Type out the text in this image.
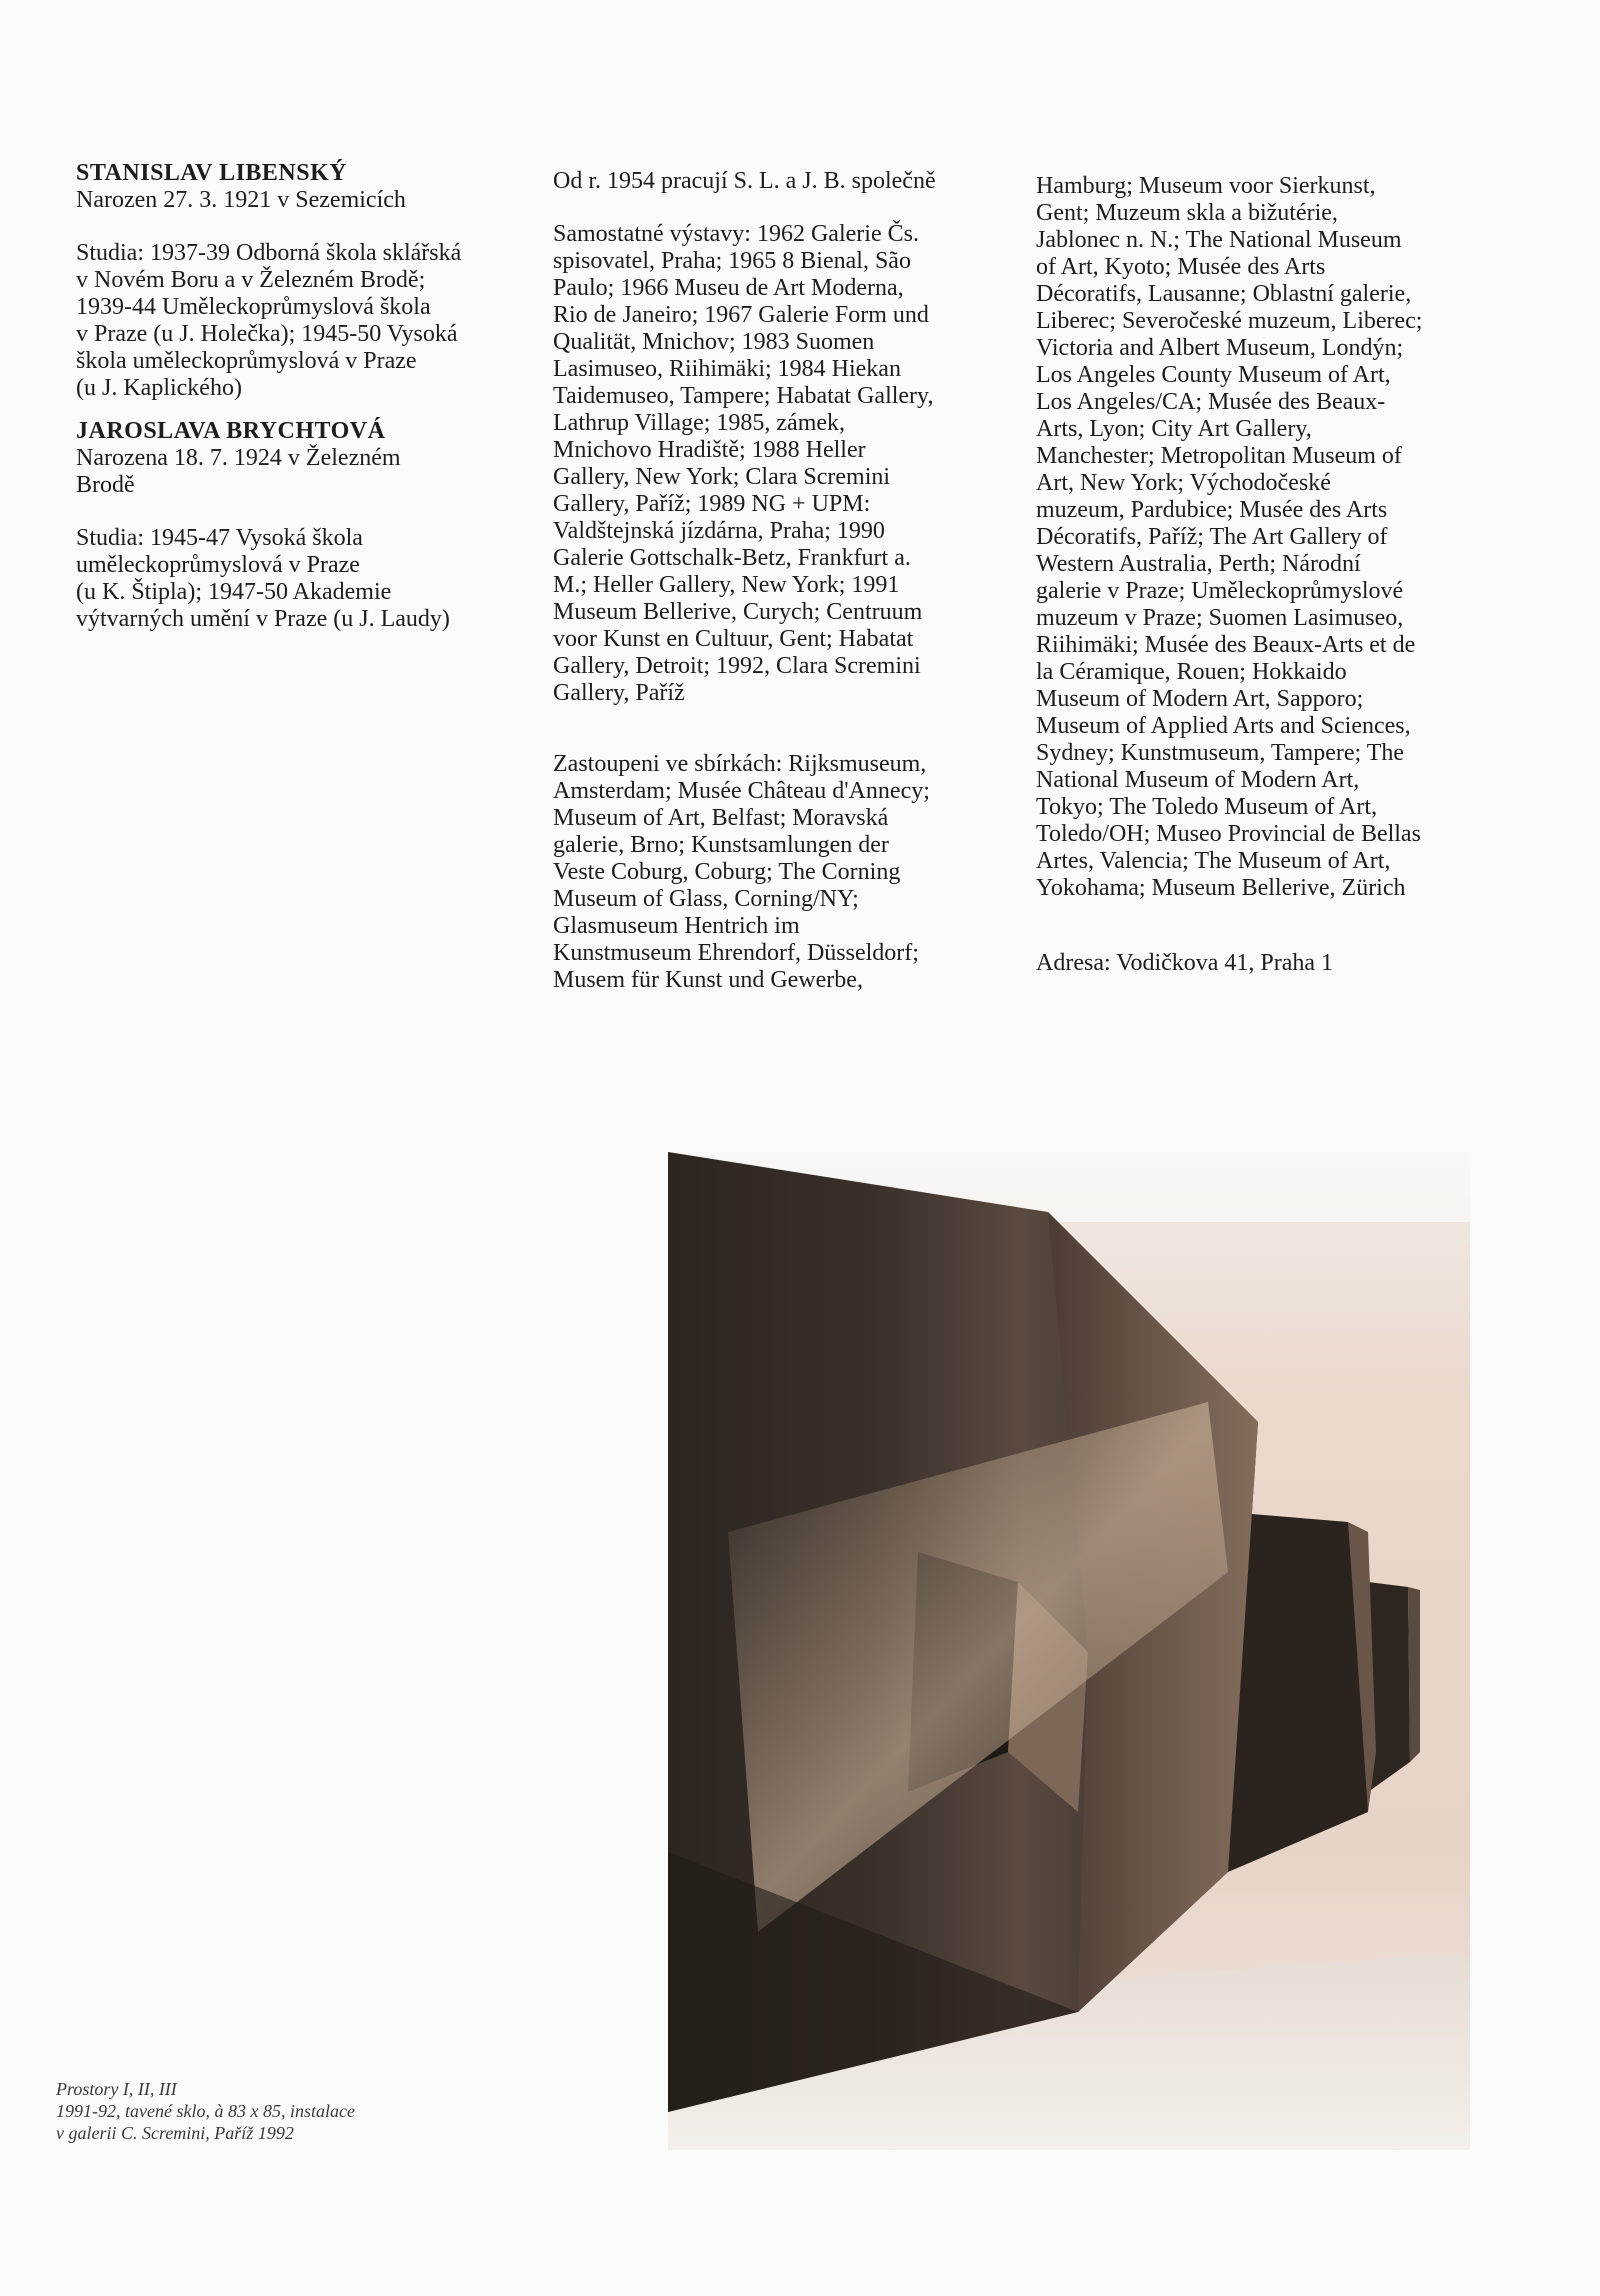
STANISLAV LIBENSKÝ

Narozen 27. 3. 1921 v Sezemicích
Studia: 1937-39 Odborná škola sklářská
v Novém Boru a v Železném Brodě;
1939-44 Uměleckoprůmyslová škola
v Praze (u J. Holečka); 1945-50 Vysoká
škola uměleckoprůmyslová v Praze
(u J. Kaplického)

JAROSLAVA BRYCHTOVÁ

Narozena 18. 7. 1924 v Železném
Brodě
Studia: 1945-47 Vysoká škola
uměleckoprůmyslová v Praze
(u K. Štipla); 1947-50 Akademie
výtvarných umění v Praze (u J. Laudy)
Od r. 1954 pracují S. L. a J. B. společně
Samostatné výstavy: 1962 Galerie Čs.
spisovatel, Praha; 1965 8 Bienal, São
Paulo; 1966 Museu de Art Moderna,
Rio de Janeiro; 1967 Galerie Form und
Qualität, Mnichov; 1983 Suomen
Lasimuseo, Riihimäki; 1984 Hiekan
Taidemuseo, Tampere; Habatat Gallery,
Lathrup Village; 1985, zámek,
Mnichovo Hradiště; 1988 Heller
Gallery, New York; Clara Scremini
Gallery, Paříž; 1989 NG + UPM:
Valdštejnská jízdárna, Praha; 1990
Galerie Gottschalk-Betz, Frankfurt a.
M.; Heller Gallery, New York; 1991
Museum Bellerive, Curych; Centruum
voor Kunst en Cultuur, Gent; Habatat
Gallery, Detroit; 1992, Clara Scremini
Gallery, Paříž
Zastoupeni ve sbírkách: Rijksmuseum,
Amsterdam; Musée Château d'Annecy;
Museum of Art, Belfast; Moravská
galerie, Brno; Kunstsamlungen der
Veste Coburg, Coburg; The Corning
Museum of Glass, Corning/NY;
Glasmuseum Hentrich im
Kunstmuseum Ehrendorf, Düsseldorf;
Musem für Kunst und Gewerbe,
Hamburg; Museum voor Sierkunst,
Gent; Muzeum skla a bižutérie,
Jablonec n. N.; The National Museum
of Art, Kyoto; Musée des Arts
Décoratifs, Lausanne; Oblastní galerie,
Liberec; Severočeské muzeum, Liberec;
Victoria and Albert Museum, Londýn;
Los Angeles County Museum of Art,
Los Angeles/CA; Musée des Beaux-
Arts, Lyon; City Art Gallery,
Manchester; Metropolitan Museum of
Art, New York; Východočeské
muzeum, Pardubice; Musée des Arts
Décoratifs, Paříž; The Art Gallery of
Western Australia, Perth; Národní
galerie v Praze; Uměleckoprůmyslové
muzeum v Praze; Suomen Lasimuseo,
Riihimäki; Musée des Beaux-Arts et de
la Céramique, Rouen; Hokkaido
Museum of Modern Art, Sapporo;
Museum of Applied Arts and Sciences,
Sydney; Kunstmuseum, Tampere; The
National Museum of Modern Art,
Tokyo; The Toledo Museum of Art,
Toledo/OH; Museo Provincial de Bellas
Artes, Valencia; The Museum of Art,
Yokohama; Museum Bellerive, Zürich
Adresa: Vodičkova 41, Praha 1
Prostory I, II, III
1991-92, tavené sklo, à 83 x 85, instalace
v galerii C. Scremini, Paříž 1992
